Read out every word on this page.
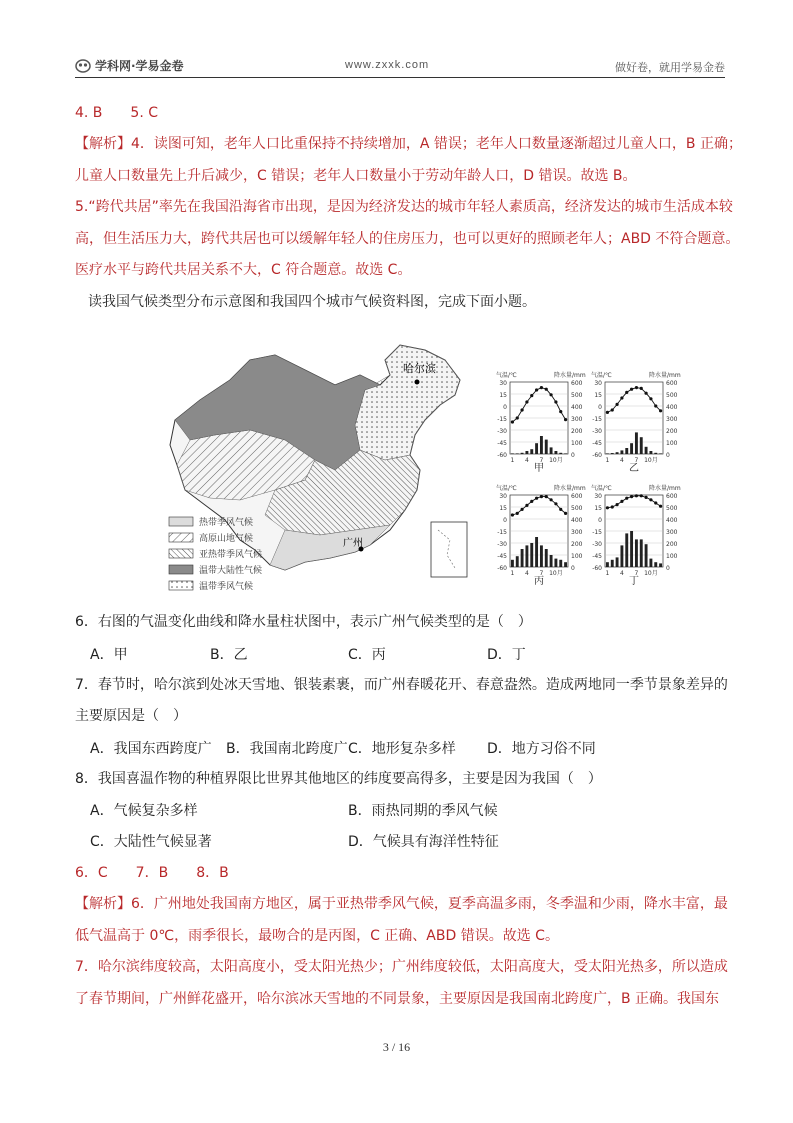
学科网·学易金卷	www.zxxk.com	做好卷，就用学易金卷
4. B　　5. C
【解析】4．读图可知，老年人口比重保持不持续增加，A 错误；老年人口数量逐渐超过儿童人口，B 正确；
儿童人口数量先上升后减少，C 错误；老年人口数量小于劳动年龄人口，D 错误。故选 B。
5.“跨代共居”率先在我国沿海省市出现，是因为经济发达的城市年轻人素质高，经济发达的城市生活成本较
高，但生活压力大，跨代共居也可以缓解年轻人的住房压力，也可以更好的照顾老年人；ABD 不符合题意。
医疗水平与跨代共居关系不大，C 符合题意。故选 C。
读我国气候类型分布示意图和我国四个城市气候资料图，完成下面小题。
哈尔滨
广州
热带季风气候
高原山地气候
亚热带季风气候
温带大陆性气候
温带季风气候
30
15
0
-15
-30
-45
-60
600
500
400
300
200
100
0
1 4 7 10月
气温/℃	降水量/mm
甲
30
15
0
-15
-30
-45
-60
600
500
400
300
200
100
0
1 4 7 10月
气温/℃	降水量/mm
乙
30
15
0
-15
-30
-45
-60
600
500
400
300
200
100
0
1 4 7 10月
气温/℃	降水量/mm
丙
30
15
0
-15
-30
-45
-60
600
500
400
300
200
100
0
1 4 7 10月
气温/℃	降水量/mm
丁
6．右图的气温变化曲线和降水量柱状图中，表示广州气候类型的是（　）
A．甲	B．乙	C．丙	D．丁
7．春节时，哈尔滨到处冰天雪地、银装素裹，而广州春暖花开、春意盎然。造成两地同一季节景象差异的
主要原因是（　）
A．我国东西跨度广 B．我国南北跨度广 C．地形复杂多样 D．地方习俗不同
8．我国喜温作物的种植界限比世界其他地区的纬度要高得多，主要是因为我国（　）
A．气候复杂多样	B．雨热同期的季风气候
C．大陆性气候显著	D．气候具有海洋性特征
6．C　　7．B　　8．B
【解析】6．广州地处我国南方地区，属于亚热带季风气候，夏季高温多雨，冬季温和少雨，降水丰富，最
低气温高于 0℃，雨季很长，最吻合的是丙图，C 正确、ABD 错误。故选 C。
7．哈尔滨纬度较高，太阳高度小，受太阳光热少；广州纬度较低，太阳高度大，受太阳光热多，所以造成
了春节期间，广州鲜花盛开，哈尔滨冰天雪地的不同景象，主要原因是我国南北跨度广，B 正确。我国东
3 / 16
